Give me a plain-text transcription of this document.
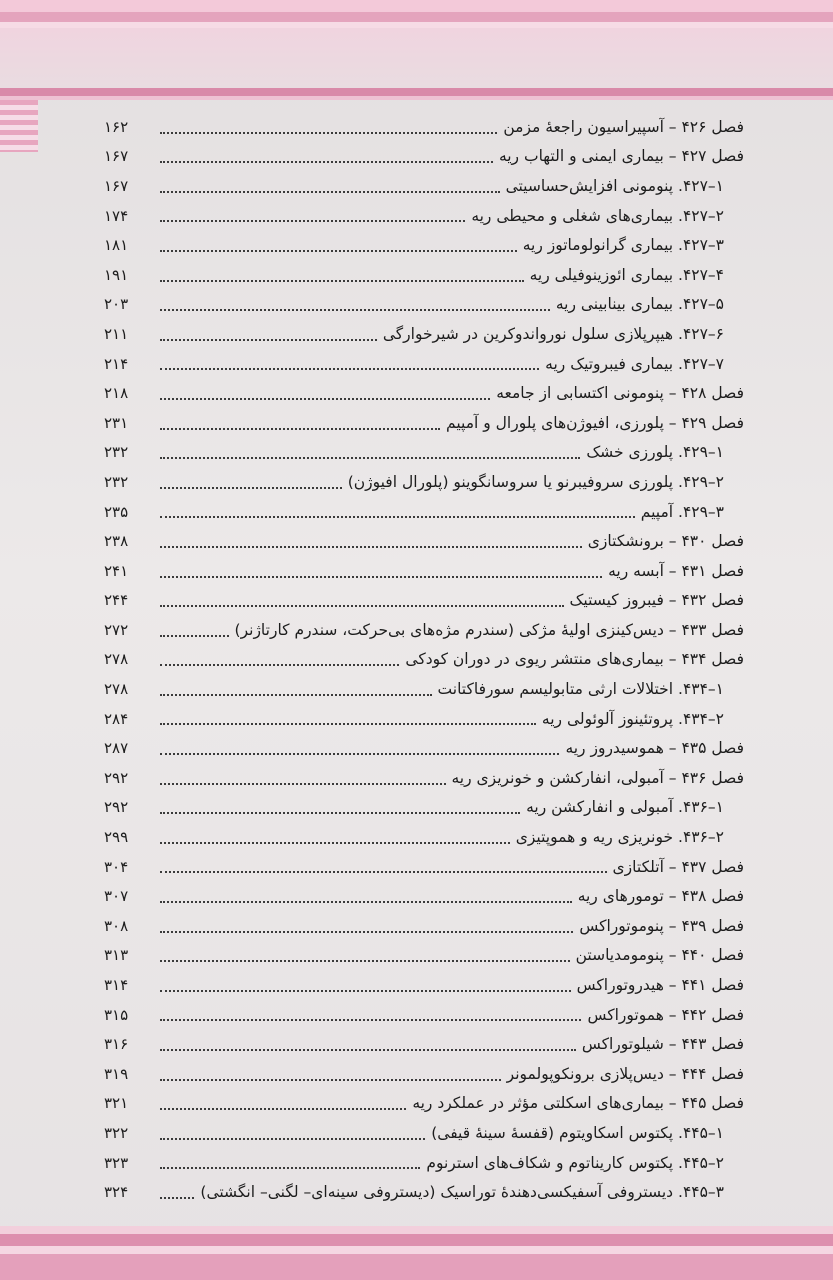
فصل ۴۲۶ – آسپیراسیون راجعهٔ مزمن
۱۶۲
فصل ۴۲۷ – بیماری ایمنی و التهاب ریه
۱۶۷
۱–۴۲۷. پنومونی افزایش‌حساسیتی
۱۶۷
۲–۴۲۷. بیماری‌های شغلی و محیطی ریه
۱۷۴
۳–۴۲۷. بیماری گرانولوماتوز ریه
۱۸۱
۴–۴۲۷. بیماری ائوزینوفیلی ریه
۱۹۱
۵–۴۲۷. بیماری بینابینی ریه
۲۰۳
۶–۴۲۷. هیپرپلازی سلول نورواندوکرین در شیرخوارگی
۲۱۱
۷–۴۲۷. بیماری فیبروتیک ریه
۲۱۴
فصل ۴۲۸ – پنومونی اکتسابی از جامعه
۲۱۸
فصل ۴۲۹ – پلورزی، افیوژن‌های پلورال و آمپیم
۲۳۱
۱–۴۲۹. پلورزی خشک
۲۳۲
۲–۴۲۹. پلورزی سروفیبرنو یا سروسانگوینو (پلورال افیوژن)
۲۳۲
۳–۴۲۹. آمپیم
۲۳۵
فصل ۴۳۰ – برونشکتازی
۲۳۸
فصل ۴۳۱ – آبسه ریه
۲۴۱
فصل ۴۳۲ – فیبروز کیستیک
۲۴۴
فصل ۴۳۳ – دیس‌کینزی اولیهٔ مژکی (سندرم مژه‌های بی‌حرکت، سندرم کارتاژنر)
۲۷۲
فصل ۴۳۴ – بیماری‌های منتشر ریوی در دوران کودکی
۲۷۸
۱–۴۳۴. اختلالات ارثی متابولیسم سورفاکتانت
۲۷۸
۲–۴۳۴. پروتئینوز آلوئولی ریه
۲۸۴
فصل ۴۳۵ – هموسیدروز ریه
۲۸۷
فصل ۴۳۶ – آمبولی، انفارکشن و خونریزی ریه
۲۹۲
۱–۴۳۶. آمبولی و انفارکشن ریه
۲۹۲
۲–۴۳۶. خونریزی ریه و هموپتیزی
۲۹۹
فصل ۴۳۷ – آتلکتازی
۳۰۴
فصل ۴۳۸ – تومورهای ریه
۳۰۷
فصل ۴۳۹ – پنوموتوراکس
۳۰۸
فصل ۴۴۰ – پنومومدیاستن
۳۱۳
فصل ۴۴۱ – هیدروتوراکس
۳۱۴
فصل ۴۴۲ – هموتوراکس
۳۱۵
فصل ۴۴۳ – شیلوتوراکس
۳۱۶
فصل ۴۴۴ – دیس‌پلازی برونکوپولمونر
۳۱۹
فصل ۴۴۵ – بیماری‌های اسکلتی مؤثر در عملکرد ریه
۳۲۱
۱–۴۴۵. پکتوس اسکاویتوم (قفسهٔ سینهٔ قیفی)
۳۲۲
۲–۴۴۵. پکتوس کاریناتوم و شکاف‌های استرنوم
۳۲۳
۳–۴۴۵. دیستروفی آسفیکسی‌دهندهٔ توراسیک (دیستروفی سینه‌ای– لگنی– انگشتی)
۳۲۴
